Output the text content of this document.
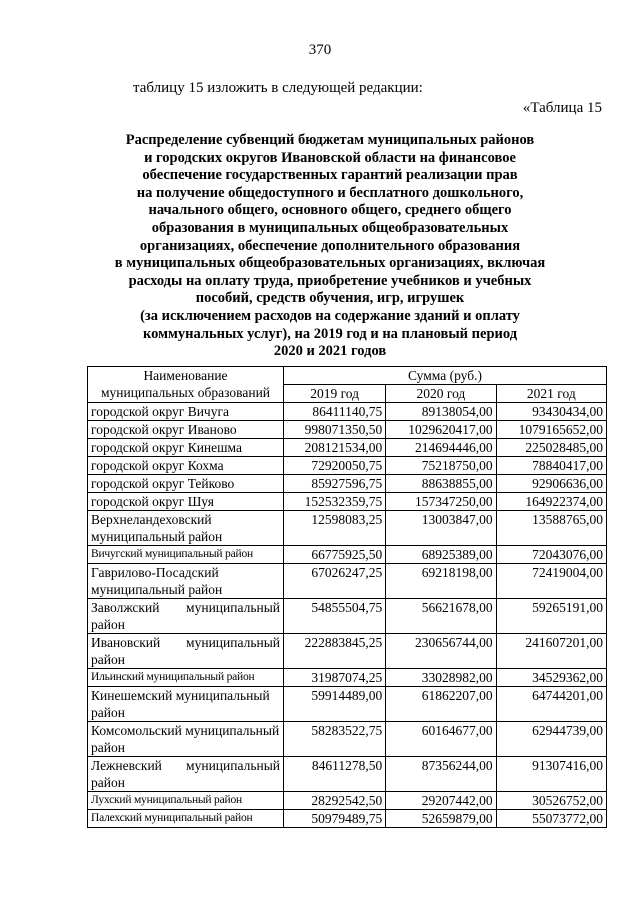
370
таблицу 15 изложить в следующей редакции:
«Таблица 15
Распределение субвенций бюджетам муниципальных районов
и городских округов Ивановской области на финансовое
обеспечение государственных гарантий реализации прав
на получение общедоступного и бесплатного дошкольного,
начального общего, основного общего, среднего общего
образования в муниципальных общеобразовательных
организациях, обеспечение дополнительного образования
в муниципальных общеобразовательных организациях, включая
расходы на оплату труда, приобретение учебников и учебных
пособий, средств обучения, игр, игрушек
(за исключением расходов на содержание зданий и оплату
коммунальных услуг), на 2019 год и на плановый период
2020 и 2021 годов
Наименование
муниципальных образований	Сумма (руб.)		
	2019 год	2020 год	2021 год
городской округ Вичуга	86411140,75	89138054,00	93430434,00
городской округ Иваново	998071350,50	1029620417,00	1079165652,00
городской округ Кинешма	208121534,00	214694446,00	225028485,00
городской округ Кохма	72920050,75	75218750,00	78840417,00
городской округ Тейково	85927596,75	88638855,00	92906636,00
городской округ Шуя	152532359,75	157347250,00	164922374,00
Верхнеландеховский муниципальный район	12598083,25	13003847,00	13588765,00
Вичугский муниципальный район	66775925,50	68925389,00	72043076,00
Гаврилово-Посадский муниципальный район	67026247,25	69218198,00	72419004,00

Заволжский муниципальный
район	54855504,75	56621678,00	59265191,00

Ивановский муниципальный
район	222883845,25	230656744,00	241607201,00
Ильинский муниципальный район	31987074,25	33028982,00	34529362,00
Кинешемский муниципальный район	59914489,00	61862207,00	64744201,00
Комсомольский муниципальный район	58283522,75	60164677,00	62944739,00

Лежневский муниципальный
район	84611278,50	87356244,00	91307416,00
Лухский муниципальный район	28292542,50	29207442,00	30526752,00
Палехский муниципальный район	50979489,75	52659879,00	55073772,00
